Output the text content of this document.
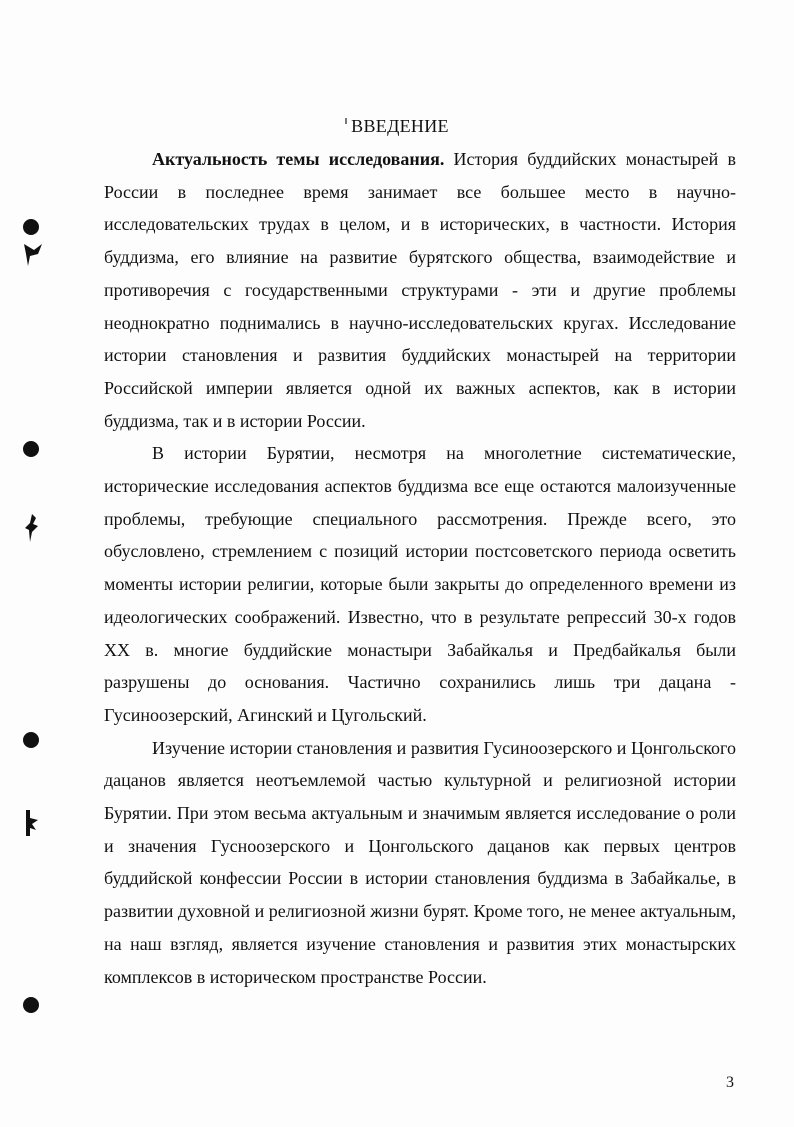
ВВЕДЕНИЕ

Актуальность темы исследования. История буддийских монастырей в России в последнее время занимает все большее место в научно-исследовательских трудах в целом, и в исторических, в частности. История буддизма, его влияние на развитие бурятского общества, взаимодействие и противоречия с государственными структурами - эти и другие проблемы неоднократно поднимались в научно-исследовательских кругах. Исследование истории становления и развития буддийских монастырей на территории Российской империи является одной их важных аспектов, как в истории буддизма, так и в истории России.

В истории Бурятии, несмотря на многолетние систематические, исторические исследования аспектов буддизма все еще остаются малоизученные проблемы, требующие специального рассмотрения. Прежде всего, это обусловлено, стремлением с позиций истории постсоветского периода осветить моменты истории религии, которые были закрыты до определенного времени из идеологических соображений. Известно, что в результате репрессий 30-х годов XX в. многие буддийские монастыри Забайкалья и Предбайкалья были разрушены до основания. Частично сохранились лишь три дацана - Гусиноозерский, Агинский и Цугольский.

Изучение истории становления и развития Гусиноозерского и Цонгольского дацанов является неотъемлемой частью культурной и религиозной истории Бурятии. При этом весьма актуальным и значимым является исследование о роли и значения Гусноозерского и Цонгольского дацанов как первых центров буддийской конфессии России в истории становления буддизма в Забайкалье, в развитии духовной и религиозной жизни бурят. Кроме того, не менее актуальным, на наш взгляд, является изучение становления и развития этих монастырских комплексов в историческом пространстве России.

3
